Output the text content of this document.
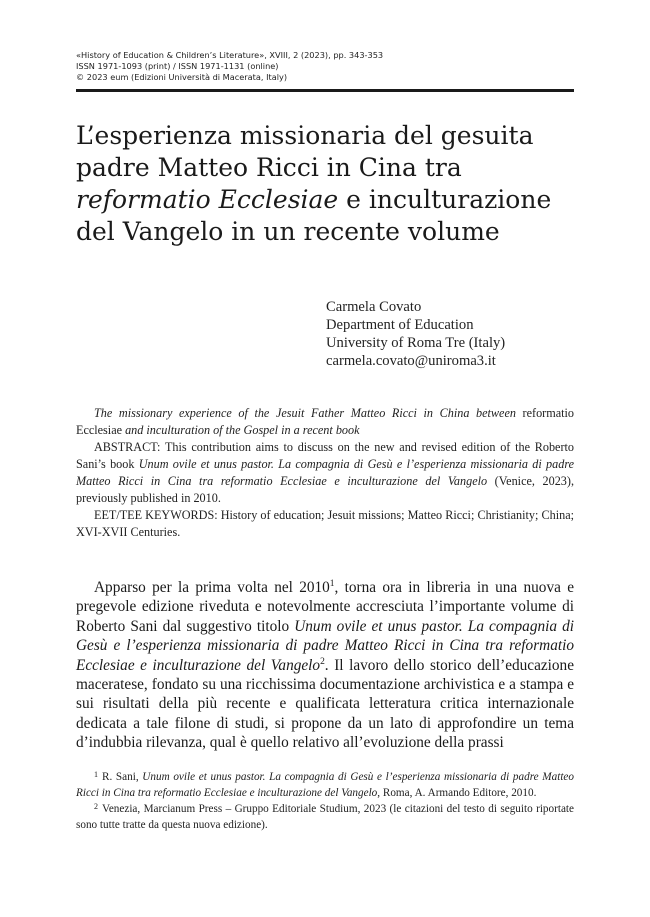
«History of Education & Children’s Literature», XVIII, 2 (2023), pp. 343-353
ISSN 1971-1093 (print) / ISSN 1971-1131 (online)
© 2023 eum (Edizioni Università di Macerata, Italy)
L’esperienza missionaria del gesuita padre Matteo Ricci in Cina tra reformatio Ecclesiae e inculturazione del Vangelo in un recente volume
Carmela Covato
Department of Education
University of Roma Tre (Italy)
carmela.covato@uniroma3.it

The missionary experience of the Jesuit Father Matteo Ricci in China between reformatio Ecclesiae and inculturation of the Gospel in a recent book

ABSTRACT: This contribution aims to discuss on the new and revised edition of the Roberto Sani’s book Unum ovile et unus pastor. La compagnia di Gesù e l’esperienza missionaria di padre Matteo Ricci in Cina tra reformatio Ecclesiae e inculturazione del Vangelo (Venice, 2023), previously published in 2010.

EET/TEE KEYWORDS: History of education; Jesuit missions; Matteo Ricci; Christianity; China; XVI-XVII Centuries.

Apparso per la prima volta nel 2010$^1$, torna ora in libreria in una nuova e pregevole edizione riveduta e notevolmente accresciuta l’importante volume di Roberto Sani dal suggestivo titolo Unum ovile et unus pastor. La compagnia di Gesù e l’esperienza missionaria di padre Matteo Ricci in Cina tra reformatio Ecclesiae e inculturazione del Vangelo$^2$. Il lavoro dello storico dell’educazione maceratese, fondato su una ricchissima documentazione archivistica e a stampa e sui risultati della più recente e qualificata letteratura critica internazionale dedicata a tale filone di studi, si propone da un lato di approfondire un tema d’indubbia rilevanza, qual è quello relativo all’evoluzione della prassi

$^1$ R. Sani, Unum ovile et unus pastor. La compagnia di Gesù e l’esperienza missionaria di padre Matteo Ricci in Cina tra reformatio Ecclesiae e inculturazione del Vangelo, Roma, A. Armando Editore, 2010.

$^2$ Venezia, Marcianum Press – Gruppo Editoriale Studium, 2023 (le citazioni del testo di seguito riportate sono tutte tratte da questa nuova edizione).
